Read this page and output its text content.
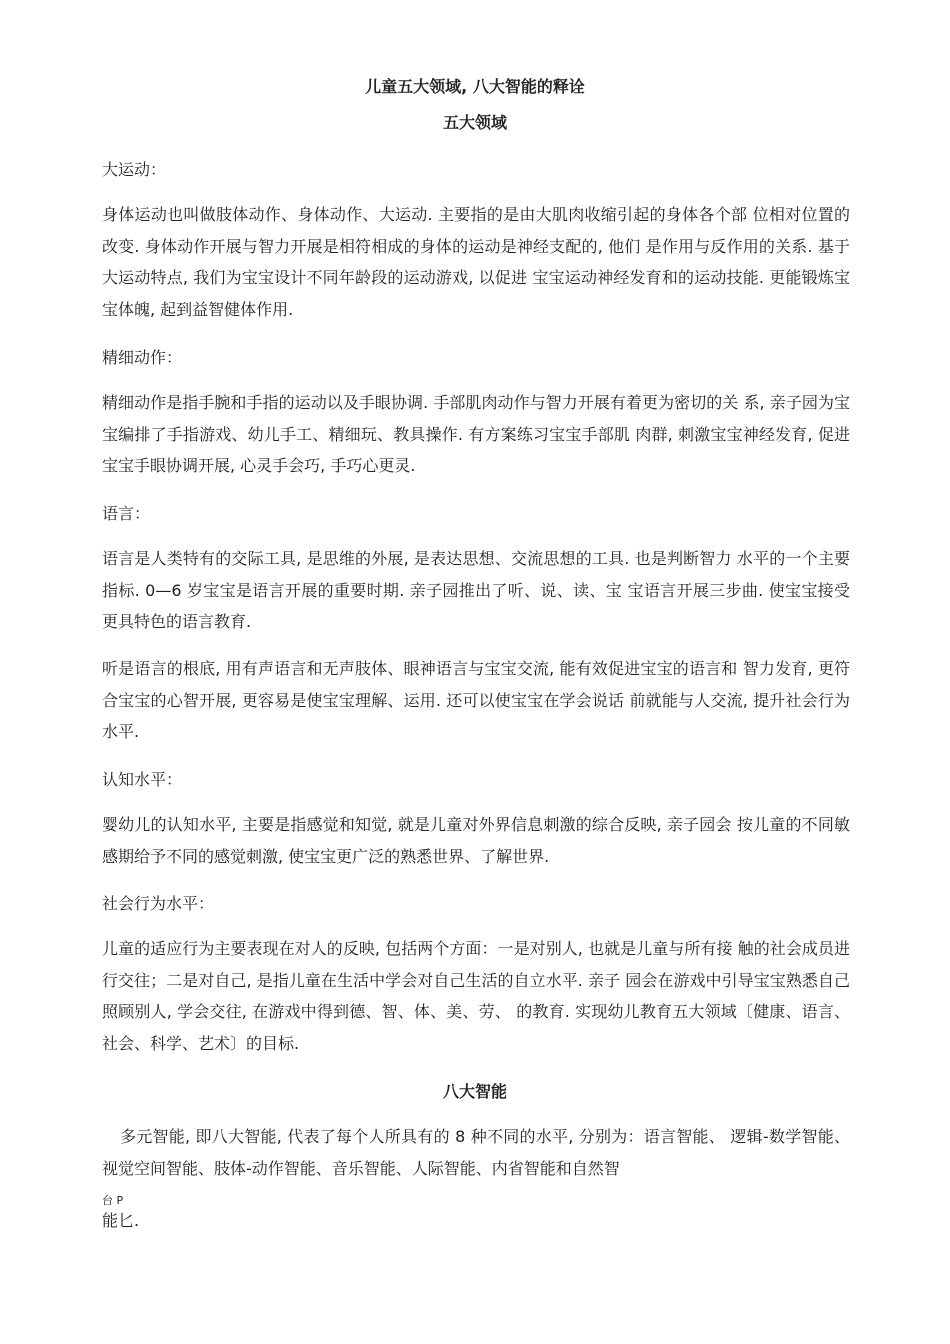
儿童五大领域, 八大智能的释诠
五大领域
大运动：
身体运动也叫做肢体动作、身体动作、大运动. 主要指的是由大肌肉收缩引起的身体各个部 位相对位置的改变. 身体动作开展与智力开展是相符相成的身体的运动是神经支配的, 他们 是作用与反作用的关系. 基于大运动特点, 我们为宝宝设计不同年龄段的运动游戏, 以促进 宝宝运动神经发育和的运动技能. 更能锻炼宝宝体魄, 起到益智健体作用.
精细动作：
精细动作是指手腕和手指的运动以及手眼协调. 手部肌肉动作与智力开展有着更为密切的关 系, 亲子园为宝宝编排了手指游戏、幼儿手工、精细玩、教具操作. 有方案练习宝宝手部肌 肉群, 刺激宝宝神经发育, 促进宝宝手眼协调开展, 心灵手会巧, 手巧心更灵.
语言：
语言是人类特有的交际工具, 是思维的外展, 是表达思想、交流思想的工具. 也是判断智力 水平的一个主要指标. 0—6 岁宝宝是语言开展的重要时期. 亲子园推出了听、说、读、宝 宝语言开展三步曲. 使宝宝接受更具特色的语言教育.
听是语言的根底, 用有声语言和无声肢体、眼神语言与宝宝交流, 能有效促进宝宝的语言和 智力发育, 更符合宝宝的心智开展, 更容易是使宝宝理解、运用. 还可以使宝宝在学会说话 前就能与人交流, 提升社会行为水平.
认知水平：
婴幼儿的认知水平, 主要是指感觉和知觉, 就是儿童对外界信息刺激的综合反映, 亲子园会 按儿童的不同敏感期给予不同的感觉刺激, 使宝宝更广泛的熟悉世界、了解世界.
社会行为水平：
儿童的适应行为主要表现在对人的反映, 包括两个方面：一是对别人, 也就是儿童与所有接 触的社会成员进行交往；二是对自己, 是指儿童在生活中学会对自己生活的自立水平. 亲子 园会在游戏中引导宝宝熟悉自己照顾别人, 学会交往, 在游戏中得到德、智、体、美、劳、 的教育. 实现幼儿教育五大领域〔健康、语言、社会、科学、艺术〕的目标.
八大智能
多元智能, 即八大智能, 代表了每个人所具有的 8 种不同的水平, 分别为：语言智能、 逻辑-数学智能、视觉空间智能、肢体-动作智能、音乐智能、人际智能、内省智能和自然智
台 P
能匕.
